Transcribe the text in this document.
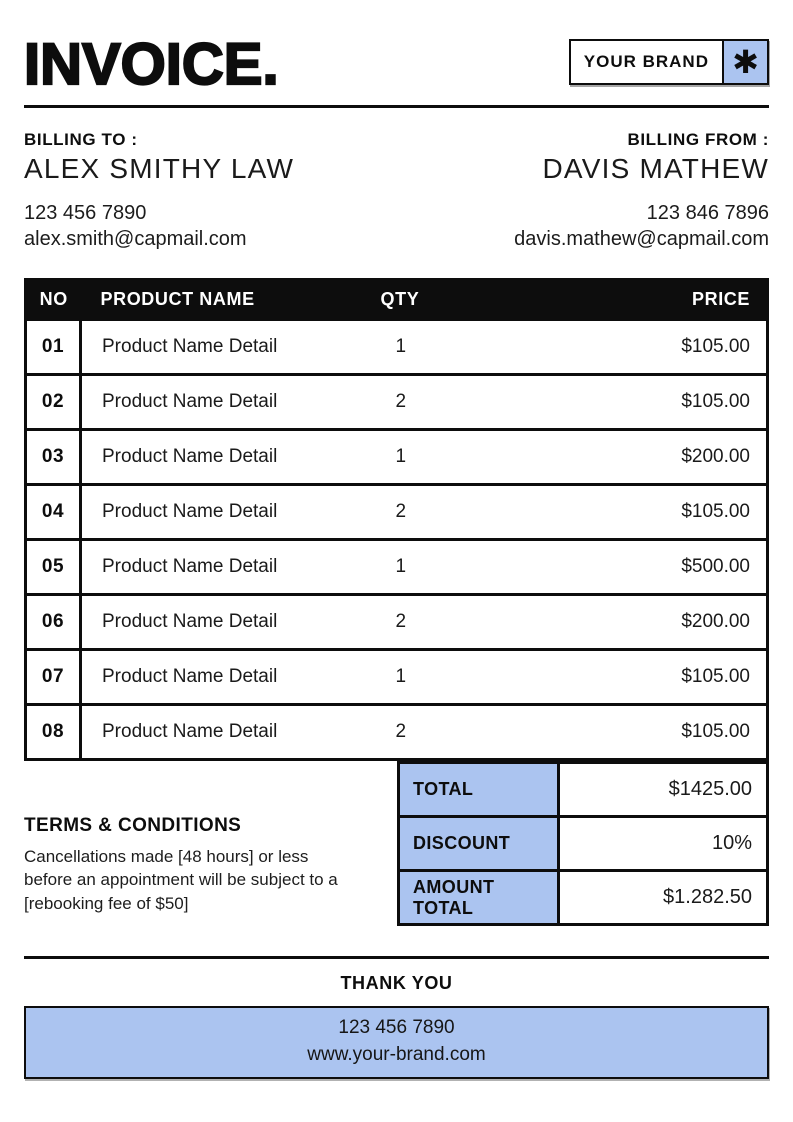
INVOICE.	YOUR BRAND ✱
BILLING TO :
ALEX SMITHY LAW
123 456 7890
alex.smith@capmail.com
BILLING FROM :
DAVIS MATHEW
123 846 7896
davis.mathew@capmail.com
NO	PRODUCT NAME	QTY	PRICE
01	Product Name Detail	1	$105.00
02	Product Name Detail	2	$105.00
03	Product Name Detail	1	$200.00
04	Product Name Detail	2	$105.00
05	Product Name Detail	1	$500.00
06	Product Name Detail	2	$200.00
07	Product Name Detail	1	$105.00
08	Product Name Detail	2	$105.00
TERMS & CONDITIONS
Cancellations made [48 hours] or less before an appointment will be subject to a [rebooking fee of $50]
TOTAL	$1425.00
DISCOUNT	10%
AMOUNT TOTAL	$1.282.50
THANK YOU
123 456 7890
www.your-brand.com
